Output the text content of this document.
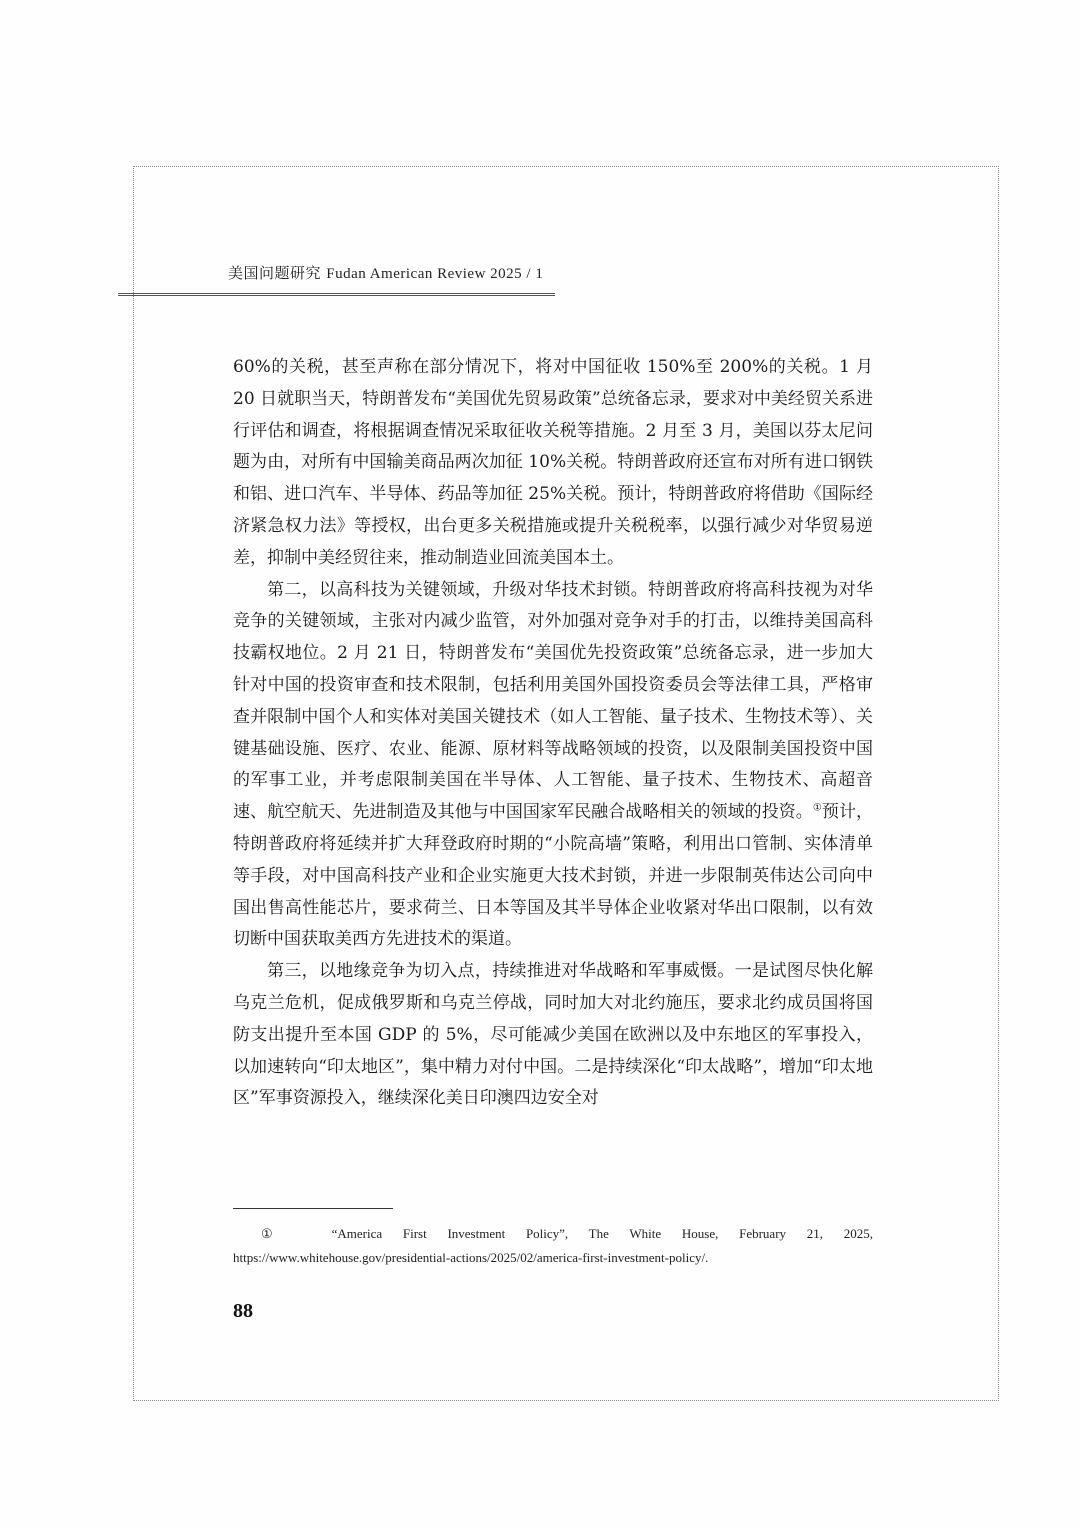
美国问题研究 Fudan American Review 2025 / 1

60%的关税，甚至声称在部分情况下，将对中国征收 150%至 200%的关税。1 月 20 日就职当天，特朗普发布“美国优先贸易政策”总统备忘录，要求对中美经贸关系进行评估和调查，将根据调查情况采取征收关税等措施。2 月至 3 月，美国以芬太尼问题为由，对所有中国输美商品两次加征 10%关税。特朗普政府还宣布对所有进口钢铁和铝、进口汽车、半导体、药品等加征 25%关税。预计，特朗普政府将借助《国际经济紧急权力法》等授权，出台更多关税措施或提升关税税率，以强行减少对华贸易逆差，抑制中美经贸往来，推动制造业回流美国本土。

第二，以高科技为关键领域，升级对华技术封锁。特朗普政府将高科技视为对华竞争的关键领域，主张对内减少监管，对外加强对竞争对手的打击，以维持美国高科技霸权地位。2 月 21 日，特朗普发布“美国优先投资政策”总统备忘录，进一步加大针对中国的投资审查和技术限制，包括利用美国外国投资委员会等法律工具，严格审查并限制中国个人和实体对美国关键技术（如人工智能、量子技术、生物技术等）、关键基础设施、医疗、农业、能源、原材料等战略领域的投资，以及限制美国投资中国的军事工业，并考虑限制美国在半导体、人工智能、量子技术、生物技术、高超音速、航空航天、先进制造及其他与中国国家军民融合战略相关的领域的投资。①预计，特朗普政府将延续并扩大拜登政府时期的“小院高墙”策略，利用出口管制、实体清单等手段，对中国高科技产业和企业实施更大技术封锁，并进一步限制英伟达公司向中国出售高性能芯片，要求荷兰、日本等国及其半导体企业收紧对华出口限制，以有效切断中国获取美西方先进技术的渠道。

第三，以地缘竞争为切入点，持续推进对华战略和军事威慑。一是试图尽快化解乌克兰危机，促成俄罗斯和乌克兰停战，同时加大对北约施压，要求北约成员国将国防支出提升至本国 GDP 的 5%，尽可能减少美国在欧洲以及中东地区的军事投入，以加速转向“印太地区”，集中精力对付中国。二是持续深化“印太战略”，增加“印太地区”军事资源投入，继续深化美日印澳四边安全对

①	“America First Investment Policy”, The White House, February 21, 2025, https://www.whitehouse.gov/presidential-actions/2025/02/america-first-investment-policy/.
88
